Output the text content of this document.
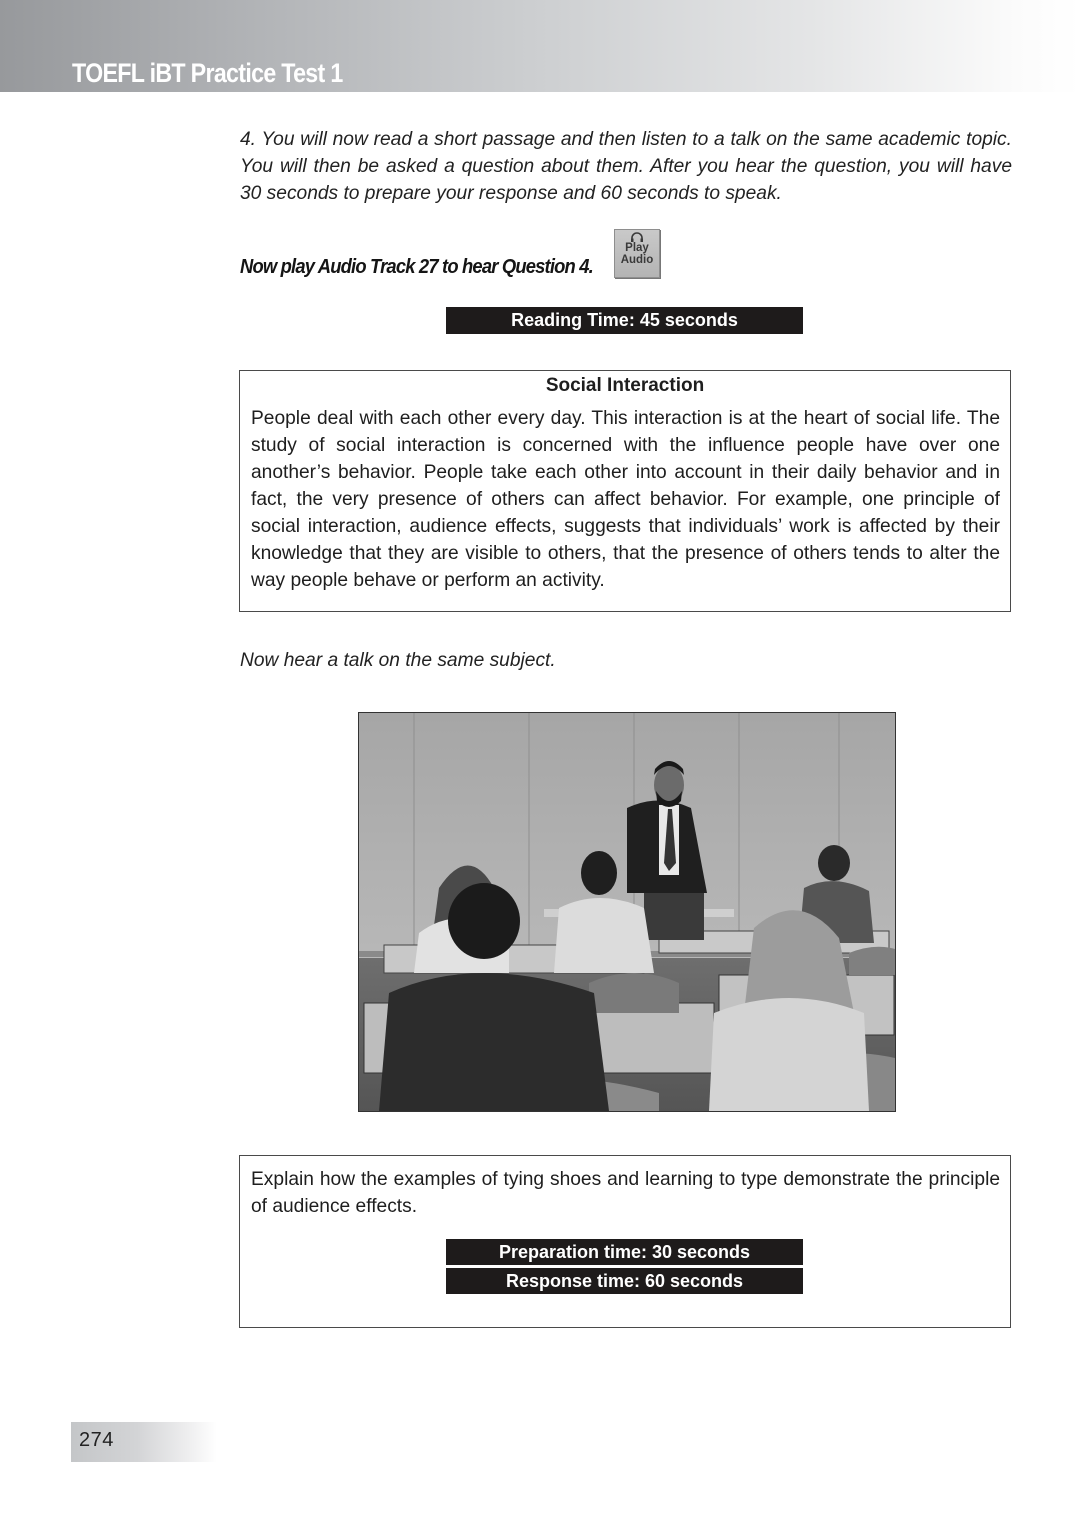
TOEFL iBT Practice Test 1
4. You will now read a short passage and then listen to a talk on the same academic topic. You will then be asked a question about them. After you hear the question, you will have 30 seconds to prepare your response and 60 seconds to speak.
Now play Audio Track 27 to hear Question 4.
Play
Audio
Reading Time: 45 seconds
Social Interaction
People deal with each other every day. This interaction is at the heart of social life. The study of social interaction is concerned with the influence people have over one another’s behavior. People take each other into account in their daily behavior and in fact, the very presence of others can affect behavior. For example, one principle of social interaction, audience effects, suggests that individuals’ work is affected by their knowledge that they are visible to others, that the presence of others tends to alter the way people behave or perform an activity.
Now hear a talk on the same subject.
Explain how the examples of tying shoes and learning to type demonstrate the principle of audience effects.
Preparation time: 30 seconds
Response time: 60 seconds
274
